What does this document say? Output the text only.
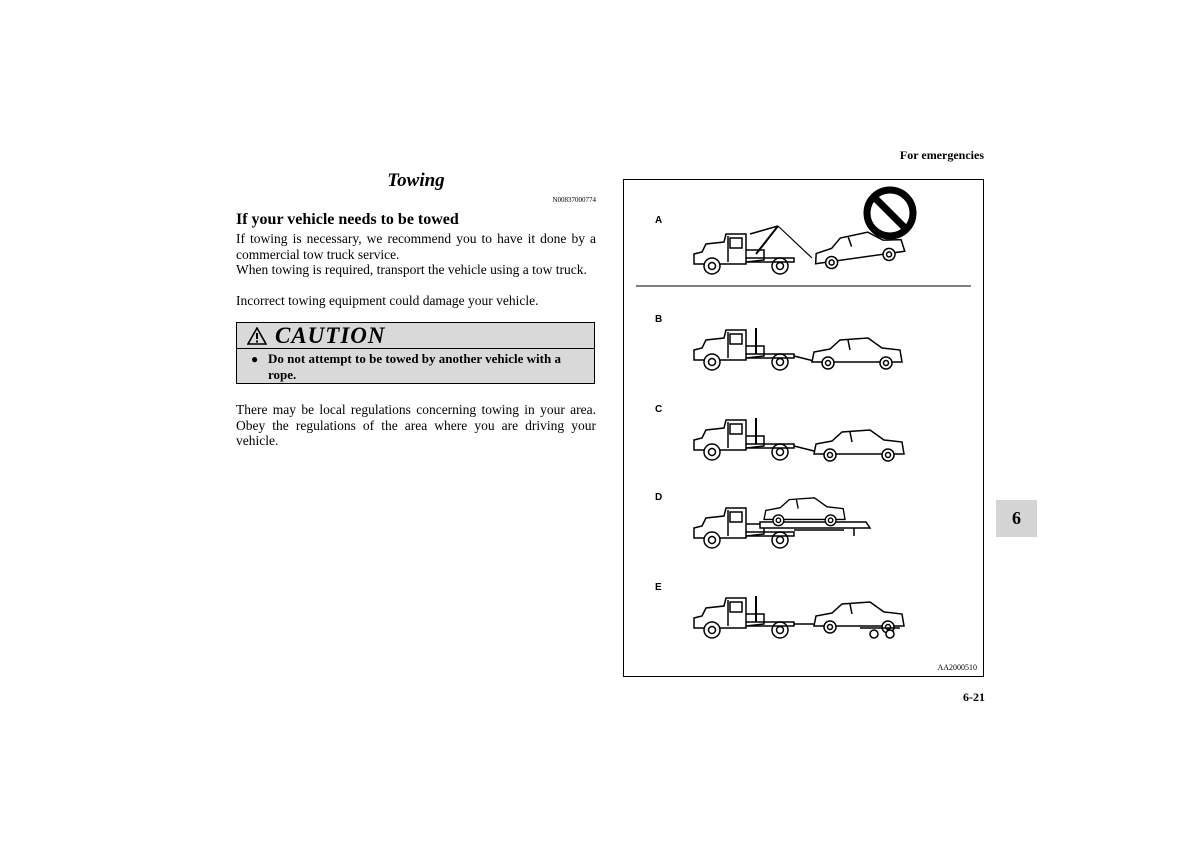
For emergencies
Towing
N00837000774
If your vehicle needs to be towed
If towing is necessary, we recommend you to have it done by a commercial tow truck service.
When towing is required, transport the vehicle using a tow truck.
Incorrect towing equipment could damage your vehicle.
CAUTION
● Do not attempt to be towed by another vehicle with a rope.
There may be local regulations concerning towing in your area. Obey the regulations of the area where you are driving your vehicle.
A
B
C
D
E
AA2000510
6
6-21
